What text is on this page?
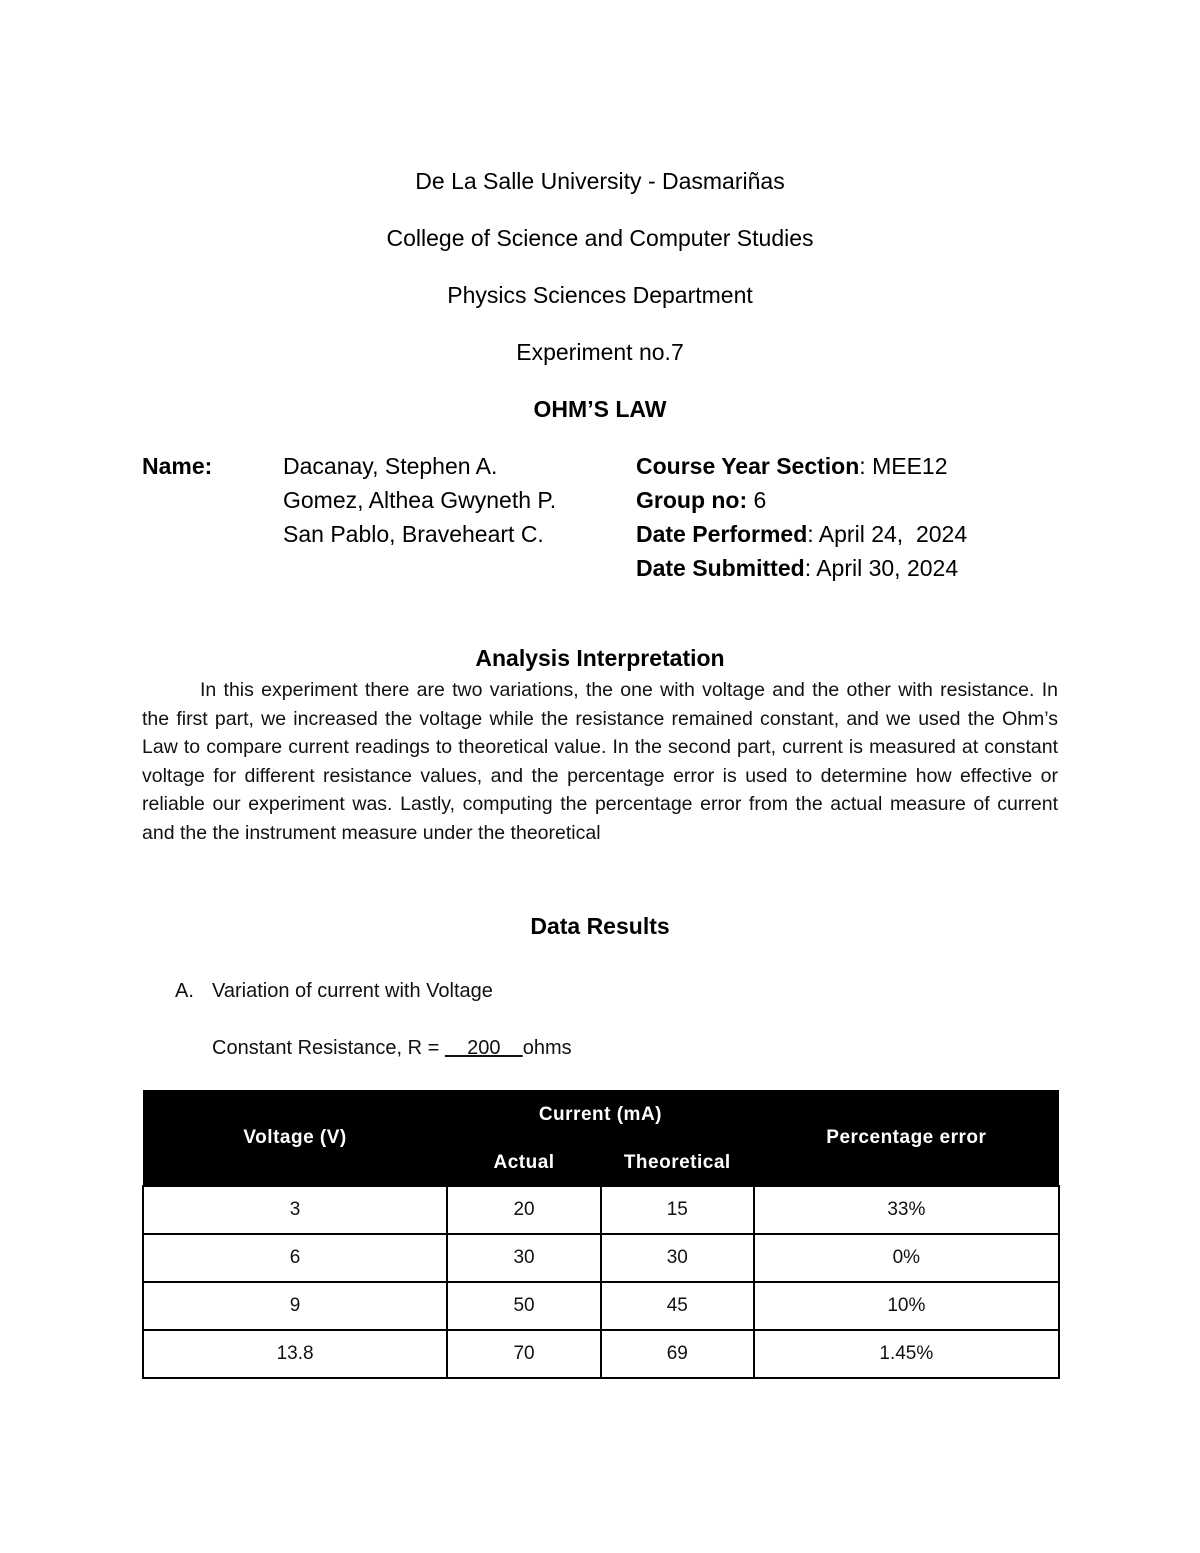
De La Salle University - Dasmariñas
College of Science and Computer Studies
Physics Sciences Department
Experiment no.7
OHM’S LAW
Name:	Dacanay, Stephen A.
Gomez, Althea Gwyneth P.
San Pablo, Braveheart C.
Course Year Section: MEE12
Group no: 6
Date Performed: April 24,  2024
Date Submitted: April 30, 2024
Analysis Interpretation
In this experiment there are two variations, the one with voltage and the other with resistance. In the first part, we increased the voltage while the resistance remained constant, and we used the Ohm’s Law to compare current readings to theoretical value. In the second part, current is measured at constant voltage for different resistance values, and the percentage error is used to determine how effective or reliable our experiment was. Lastly, computing the percentage error from the actual measure of current and the the instrument measure under the theoretical
Data Results
A. Variation of current with Voltage
Constant Resistance, R =     200    ohms
Voltage (V)	Current (mA)		Percentage error
	Actual	Theoretical	
3	20	15	33%
6	30	30	0%
9	50	45	10%
13.8	70	69	1.45%
